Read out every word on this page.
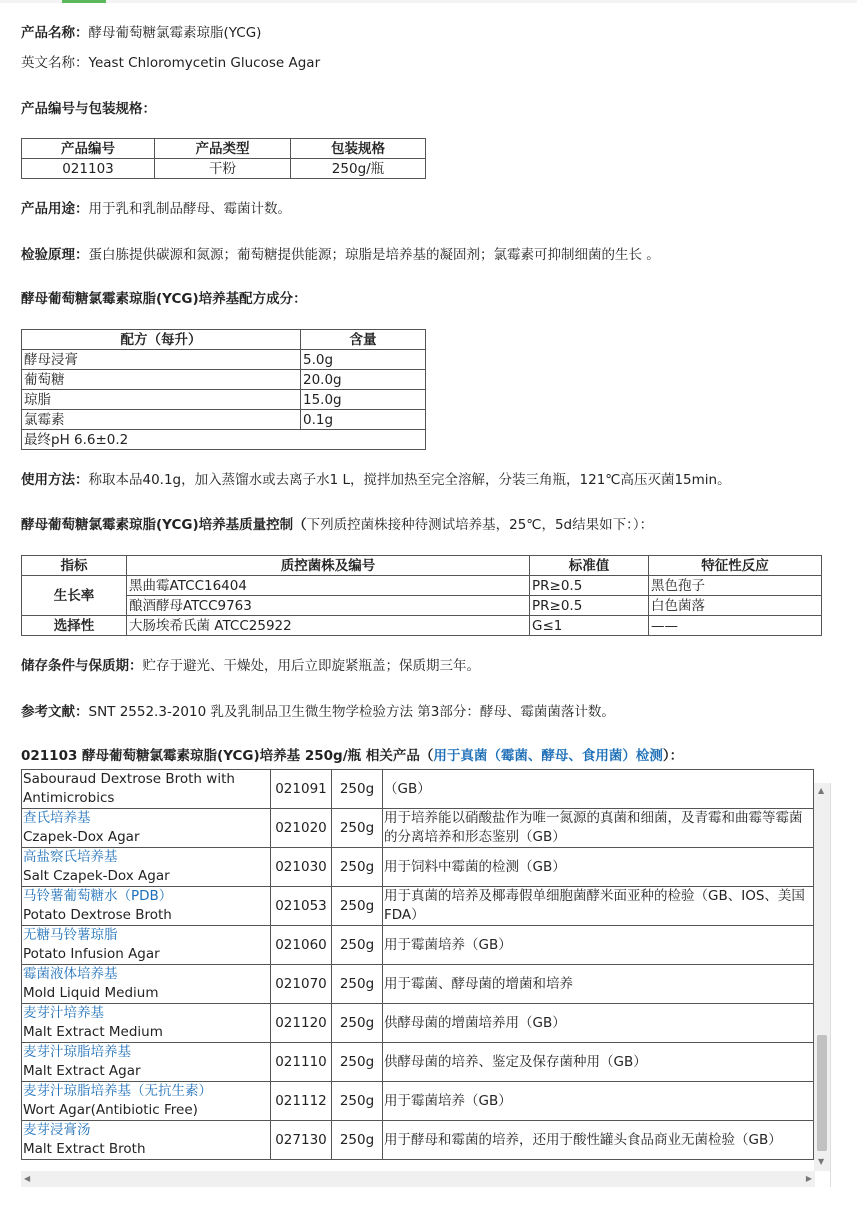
产品名称：酵母葡萄糖氯霉素琼脂(YCG)
英文名称：Yeast Chloromycetin Glucose Agar
产品编号与包装规格：
产品编号	产品类型	包装规格
021103	干粉	250g/瓶
产品用途：用于乳和乳制品酵母、霉菌计数。
检验原理：蛋白胨提供碳源和氮源；葡萄糖提供能源；琼脂是培养基的凝固剂；氯霉素可抑制细菌的生长 。
酵母葡萄糖氯霉素琼脂(YCG)培养基配方成分：
配方（每升）	含量
酵母浸膏	5.0g
葡萄糖	20.0g
琼脂	15.0g
氯霉素	0.1g
最终pH 6.6±0.2	
使用方法：称取本品40.1g，加入蒸馏水或去离子水1 L，搅拌加热至完全溶解，分装三角瓶，121℃高压灭菌15min。
酵母葡萄糖氯霉素琼脂(YCG)培养基质量控制（下列质控菌株接种待测试培养基，25℃，5d结果如下：）：
指标	质控菌株及编号	标准值	特征性反应
生长率	黑曲霉ATCC16404	PR≥0.5	黑色孢子
	酿酒酵母ATCC9763	PR≥0.5	白色菌落
选择性	大肠埃希氏菌 ATCC25922	G≤1	——
储存条件与保质期：贮存于避光、干燥处，用后立即旋紧瓶盖；保质期三年。
参考文献：SNT 2552.3-2010 乳及乳制品卫生微生物学检验方法 第3部分：酵母、霉菌菌落计数。
021103 酵母葡萄糖氯霉素琼脂(YCG)培养基 250g/瓶 相关产品（用于真菌（霉菌、酵母、食用菌）检测）：
Sabouraud Dextrose Broth with Antimicrobics	021091	250g	（GB）

查氏培养基
Czapek-Dox Agar	021020	250g	用于培养能以硝酸盐作为唯一氮源的真菌和细菌，及青霉和曲霉等霉菌的分离培养和形态鉴别（GB）

高盐察氏培养基
Salt Czapek-Dox Agar	021030	250g	用于饲料中霉菌的检测（GB）

马铃薯葡萄糖水（PDB）
Potato Dextrose Broth	021053	250g	用于真菌的培养及椰毒假单细胞菌酵米面亚种的检验（GB、IOS、美国FDA）

无糖马铃薯琼脂
Potato Infusion Agar	021060	250g	用于霉菌培养（GB）

霉菌液体培养基
Mold Liquid Medium	021070	250g	用于霉菌、酵母菌的增菌和培养

麦芽汁培养基
Malt Extract Medium	021120	250g	供酵母菌的增菌培养用（GB）

麦芽汁琼脂培养基
Malt Extract Agar	021110	250g	供酵母菌的培养、鉴定及保存菌种用（GB）

麦芽汁琼脂培养基（无抗生素）
Wort Agar(Antibiotic Free)	021112	250g	用于霉菌培养（GB）

麦芽浸膏汤
Malt Extract Broth	027130	250g	用于酵母和霉菌的培养，还用于酸性罐头食品商业无菌检验（GB）
▲
▼
◀	▶
